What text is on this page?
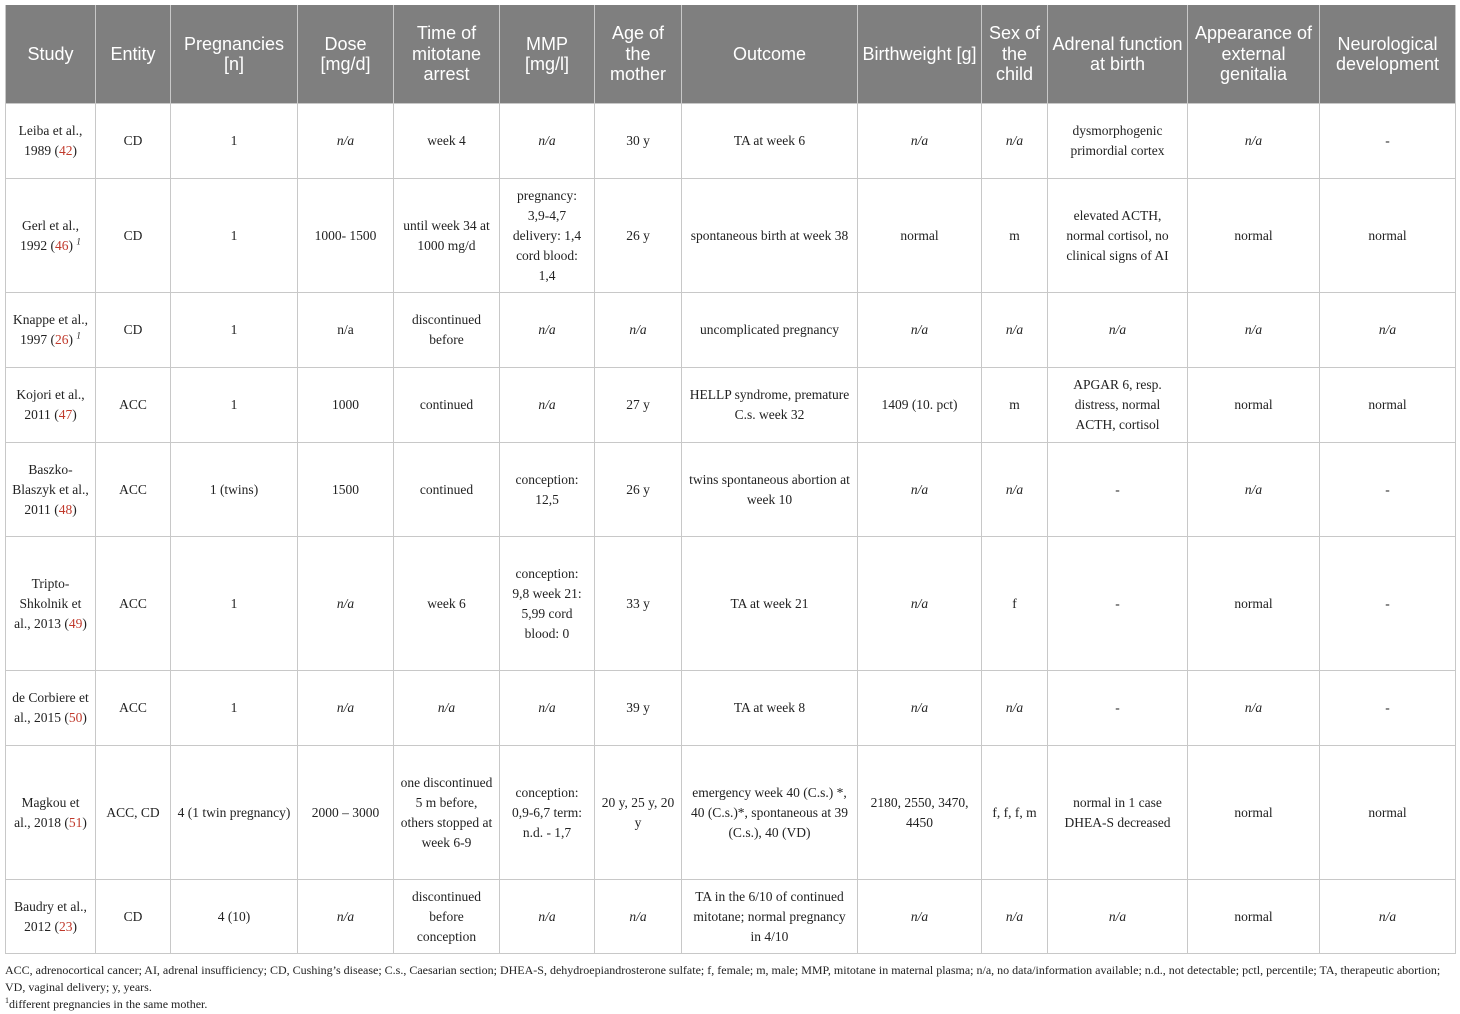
Study	Entity	Pregnancies [n]	Dose [mg/d]	Time of mitotane arrest	MMP [mg/l]	Age of the mother	Outcome	Birthweight [g]	Sex of the child	Adrenal function at birth	Appearance of external genitalia	Neurological development
Leiba et al., 1989 (42)	CD	1	n/a	week 4	n/a	30 y	TA at week 6	n/a	n/a	dysmorphogenic primordial cortex	n/a	-
Gerl et al., 1992 (46) $^1$	CD	1	1000- 1500	until week 34 at 1000 mg/d	pregnancy: 3,9-4,7 delivery: 1,4 cord blood: 1,4	26 y	spontaneous birth at week 38	normal	m	elevated ACTH, normal cortisol, no clinical signs of AI	normal	normal
Knappe et al., 1997 (26) $^1$	CD	1	n/a	discontinued before	n/a	n/a	uncomplicated pregnancy	n/a	n/a	n/a	n/a	n/a
Kojori et al., 2011 (47)	ACC	1	1000	continued	n/a	27 y	HELLP syndrome, premature C.s. week 32	1409 (10. pct)	m	APGAR 6, resp. distress, normal ACTH, cortisol	normal	normal
Baszko-Blaszyk et al., 2011 (48)	ACC	1 (twins)	1500	continued	conception: 12,5	26 y	twins spontaneous abortion at week 10	n/a	n/a	-	n/a	-
Tripto-Shkolnik et al., 2013 (49)	ACC	1	n/a	week 6	conception: 9,8 week 21: 5,99 cord blood: 0	33 y	TA at week 21	n/a	f	-	normal	-
de Corbiere et al., 2015 (50)	ACC	1	n/a	n/a	n/a	39 y	TA at week 8	n/a	n/a	-	n/a	-
Magkou et al., 2018 (51)	ACC, CD	4 (1 twin pregnancy)	2000 – 3000	one discontinued 5 m before, others stopped at week 6-9	conception: 0,9-6,7 term: n.d. - 1,7	20 y, 25 y, 20 y	emergency week 40 (C.s.) *, 40 (C.s.)*, spontaneous at 39 (C.s.), 40 (VD)	2180, 2550, 3470, 4450	f, f, f, m	normal in 1 case DHEA-S decreased	normal	normal
Baudry et al., 2012 (23)	CD	4 (10)	n/a	discontinued before conception	n/a	n/a	TA in the 6/10 of continued mitotane; normal pregnancy in 4/10	n/a	n/a	n/a	normal	n/a

ACC, adrenocortical cancer; AI, adrenal insufficiency; CD, Cushing’s disease; C.s., Caesarian section; DHEA-S, dehydroepiandrosterone sulfate; f, female; m, male; MMP, mitotane in maternal plasma; n/a, no data/information available; n.d., not detectable; pctl, percentile; TA, therapeutic abortion; VD, vaginal delivery; y, years.

$^1$different pregnancies in the same mother.
